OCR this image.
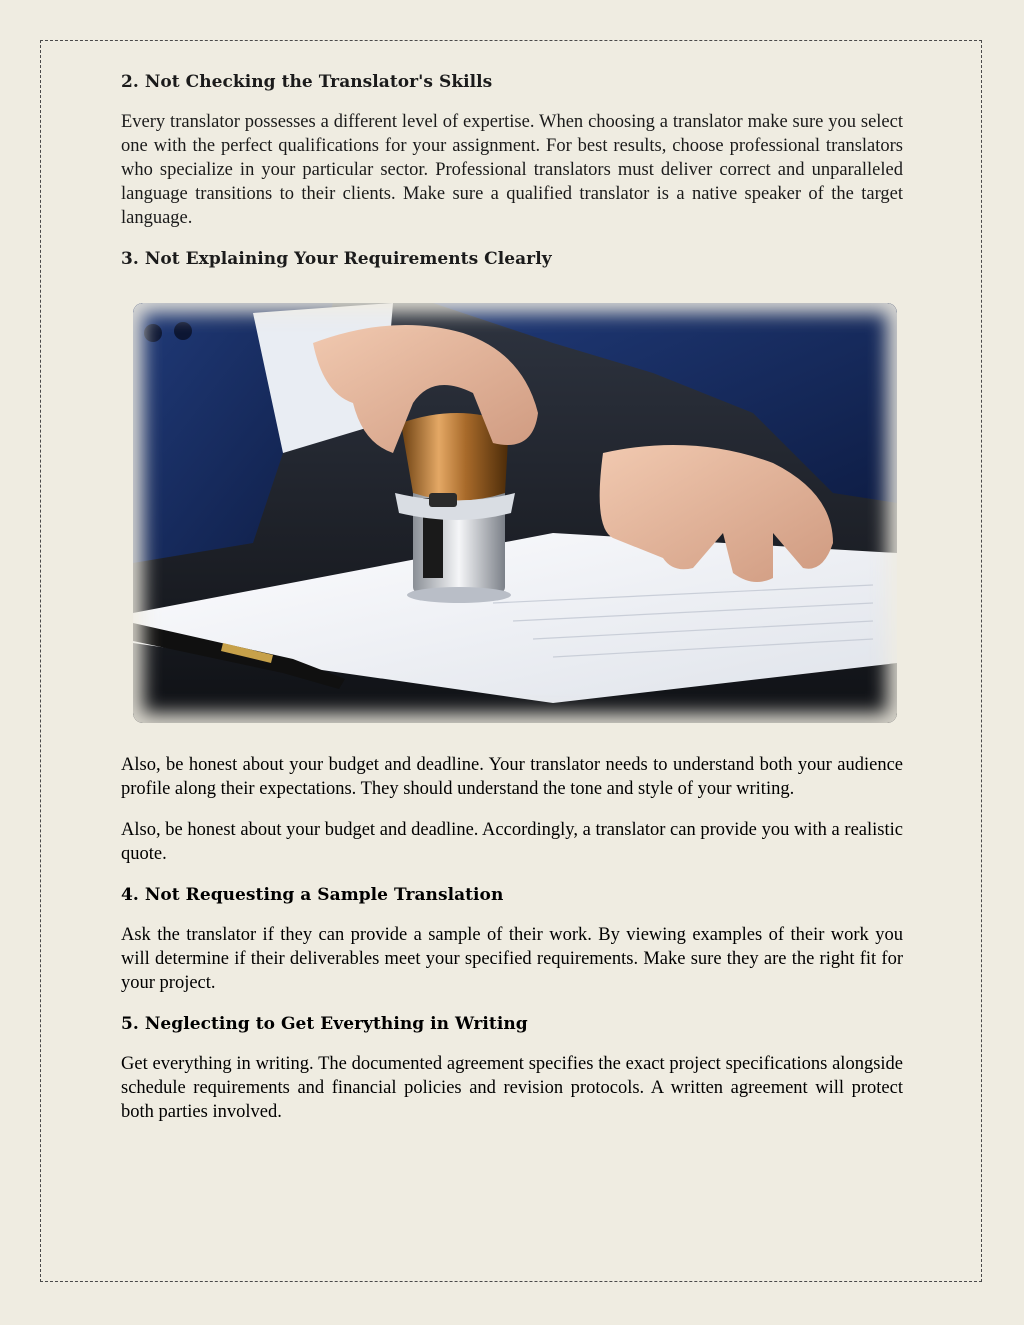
2. Not Checking the Translator's Skills

Every translator possesses a different level of expertise. When choosing a translator make sure you select one with the perfect qualifications for your assignment. For best results, choose professional translators who specialize in your particular sector. Professional translators must deliver correct and unparalleled language transitions to their clients. Make sure a qualified translator is a native speaker of the target language.

3. Not Explaining Your Requirements Clearly

Also, be honest about your budget and deadline. Your translator needs to understand both your audience profile along their expectations. They should understand the tone and style of your writing.

Also, be honest about your budget and deadline. Accordingly, a translator can provide you with a realistic quote.

4. Not Requesting a Sample Translation

Ask the translator if they can provide a sample of their work. By viewing examples of their work you will determine if their deliverables meet your specified requirements. Make sure they are the right fit for your project.

5. Neglecting to Get Everything in Writing

Get everything in writing. The documented agreement specifies the exact project specifications alongside schedule requirements and financial policies and revision protocols. A written agreement will protect both parties involved.
